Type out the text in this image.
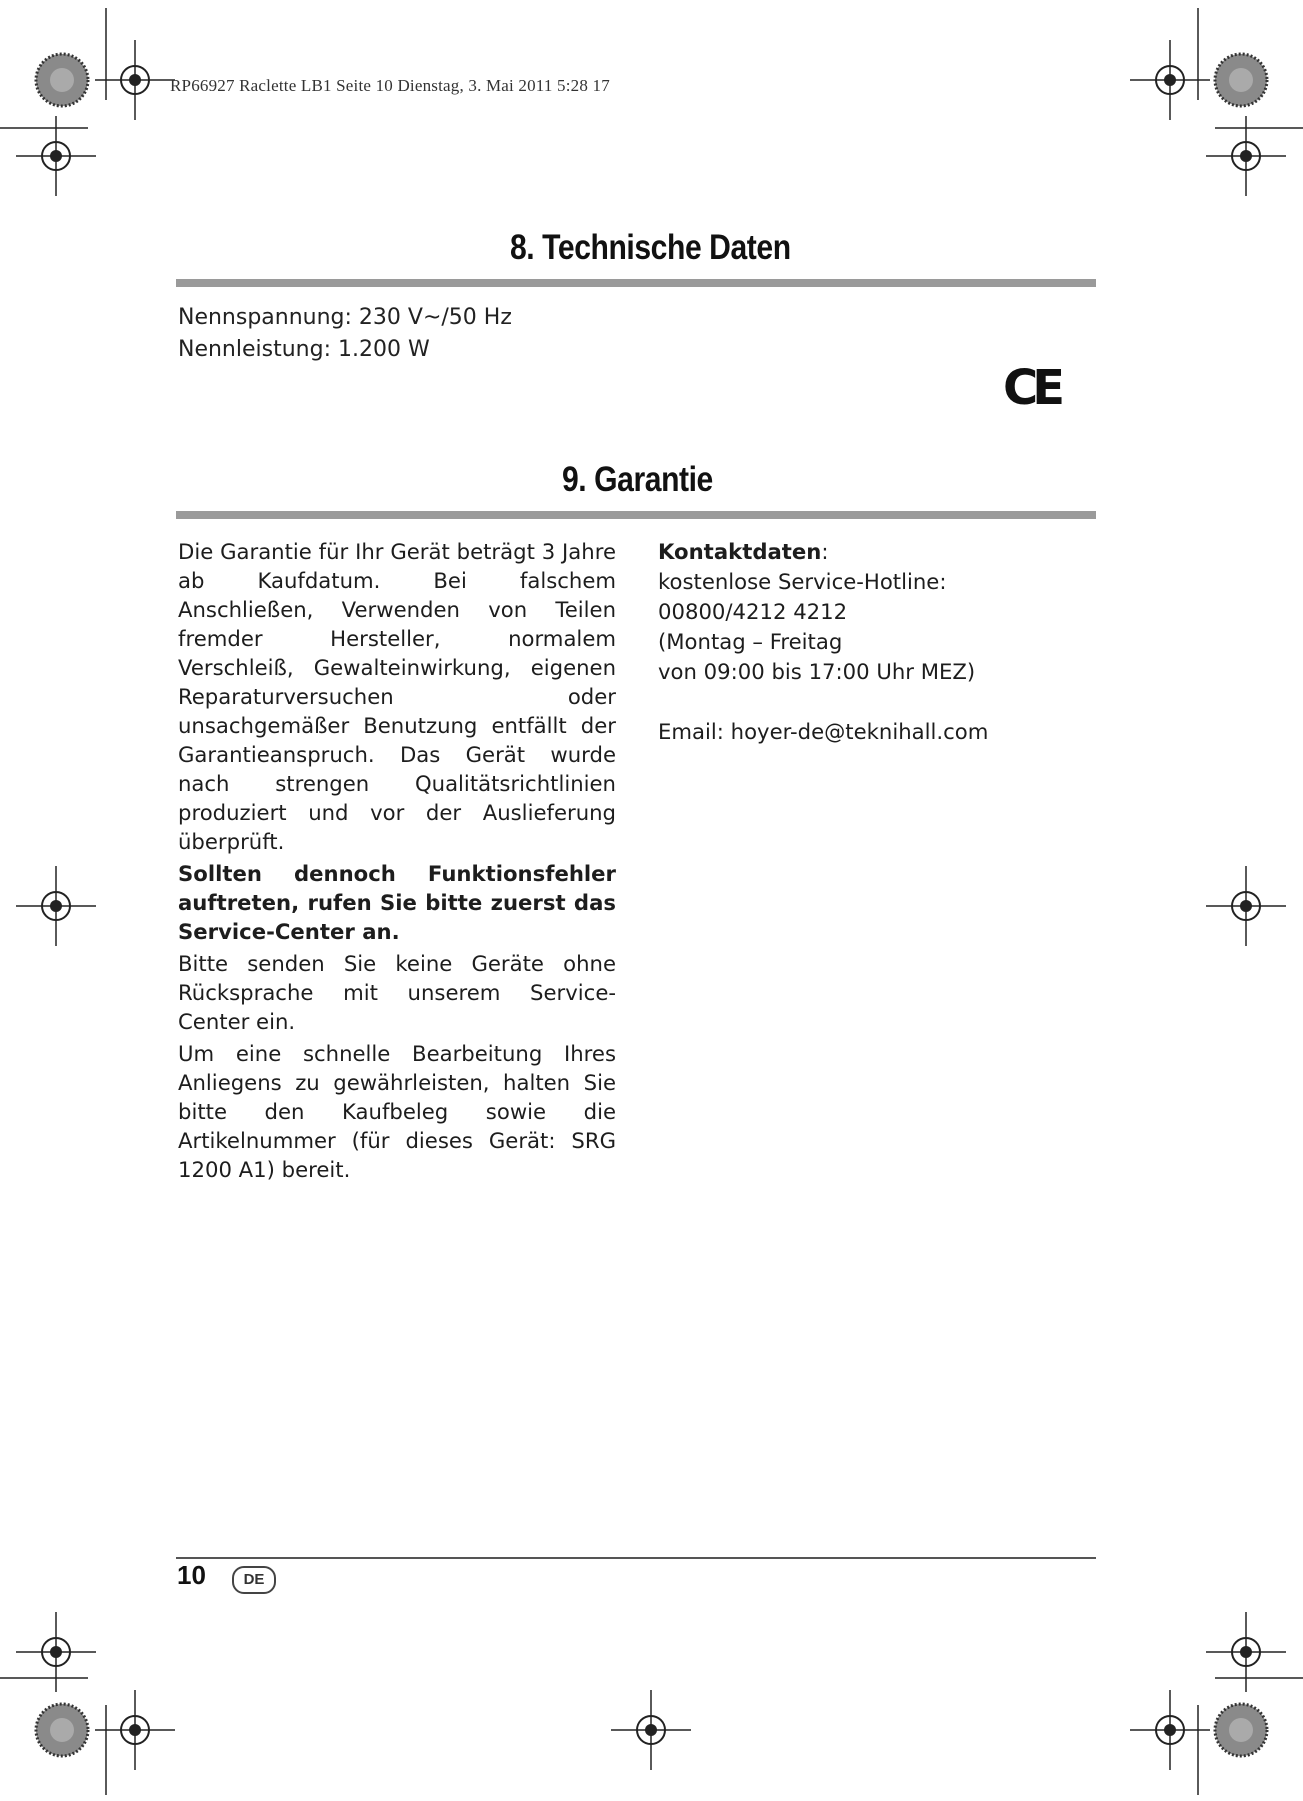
RP66927 Raclette LB1 Seite 10 Dienstag, 3. Mai 2011 5:28 17
8. Technische Daten
Nennspannung: 230 V~/50 Hz
Nennleistung: 1.200 W
CE
9. Garantie

Die Garantie für Ihr Gerät beträgt 3 Jahre ab Kaufdatum. Bei falschem Anschließen, Verwenden von Teilen fremder Hersteller, normalem Verschleiß, Gewalteinwirkung, eigenen Reparaturversuchen oder unsachgemäßer Benutzung entfällt der Garantieanspruch. Das Gerät wurde nach strengen Qualitätsrichtlinien produziert und vor der Auslieferung überprüft.

Sollten dennoch Funktionsfehler auftreten, rufen Sie bitte zuerst das Service-Center an.

Bitte senden Sie keine Geräte ohne Rücksprache mit unserem Service-Center ein.

Um eine schnelle Bearbeitung Ihres Anliegens zu gewährleisten, halten Sie bitte den Kaufbeleg sowie die Artikelnummer (für dieses Gerät: SRG 1200 A1) bereit.

Kontaktdaten:
kostenlose Service-Hotline:
00800/4212 4212
(Montag – Freitag
von 09:00 bis 17:00 Uhr MEZ)
Email: hoyer-de@teknihall.com
10	DE
